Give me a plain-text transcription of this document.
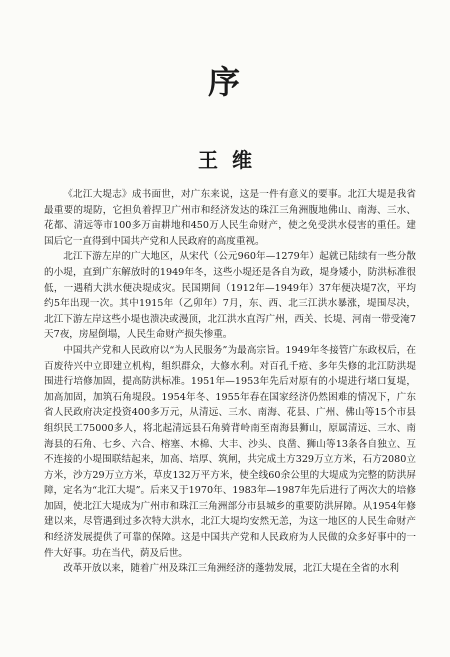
序
王维

《北江大堤志》成书面世，对广东来说，这是一件有意义的要事。北江大堤是我省最重要的堤防，它担负着捍卫广州市和经济发达的珠江三角洲腹地佛山、南海、三水、花都、清远等市100多万亩耕地和450万人民生命财产，使之免受洪水侵害的重任。建国后它一直得到中国共产党和人民政府的高度重视。

北江下游左岸的广大地区，从宋代（公元960年—1279年）起就已陆续有一些分散的小堤，直到广东解放时的1949年冬，这些小堤还是各自为政，堤身矮小，防洪标准很低，一遇稍大洪水便决堤成灾。民国期间（1912年—1949年）37年便决堤7次，平均约5年出现一次。其中1915年（乙卯年）7月，东、西、北三江洪水暴涨，堤围尽决，北江下游左岸这些小堤也溃决或漫顶，北江洪水直泻广州，西关、长堤、河南一带受淹7天7夜，房屋倒塌，人民生命财产损失惨重。

中国共产党和人民政府以“为人民服务”为最高宗旨。1949年冬接管广东政权后，在百废待兴中立即建立机构，组织群众，大修水利。对百孔千疮、多年失修的北江防洪堤围进行培修加固，提高防洪标准。1951年—1953年先后对原有的小堤进行堵口复堤，加高加固，加筑石角堤段。1954年冬、1955年春在国家经济仍然困难的情况下，广东省人民政府决定投资400多万元，从清远、三水、南海、花县、广州、佛山等15个市县组织民工75000多人，将北起清远县石角骑背岭南至南海县狮山，原属清远、三水、南海县的石角、七乡、六合、榕塞、木棉、大丰、沙头、良凿、狮山等13条各自独立、互不连接的小堤围联结起来，加高、培厚、筑闸，共完成土方329万立方米，石方2080立方米，沙方29万立方米，草皮132万平方米，使全线60余公里的大堤成为完整的防洪屏障，定名为“北江大堤”。后来又于1970年、1983年—1987年先后进行了两次大的培修加固，使北江大堤成为广州市和珠江三角洲部分市县城乡的重要防洪屏障。从1954年修建以来，尽管遇到过多次特大洪水，北江大堤均安然无恙，为这一地区的人民生命财产和经济发展提供了可靠的保障。这是中国共产党和人民政府为人民做的众多好事中的一件大好事。功在当代，荫及后世。

改革开放以来，随着广州及珠江三角洲经济的蓬勃发展，北江大堤在全省的水利
